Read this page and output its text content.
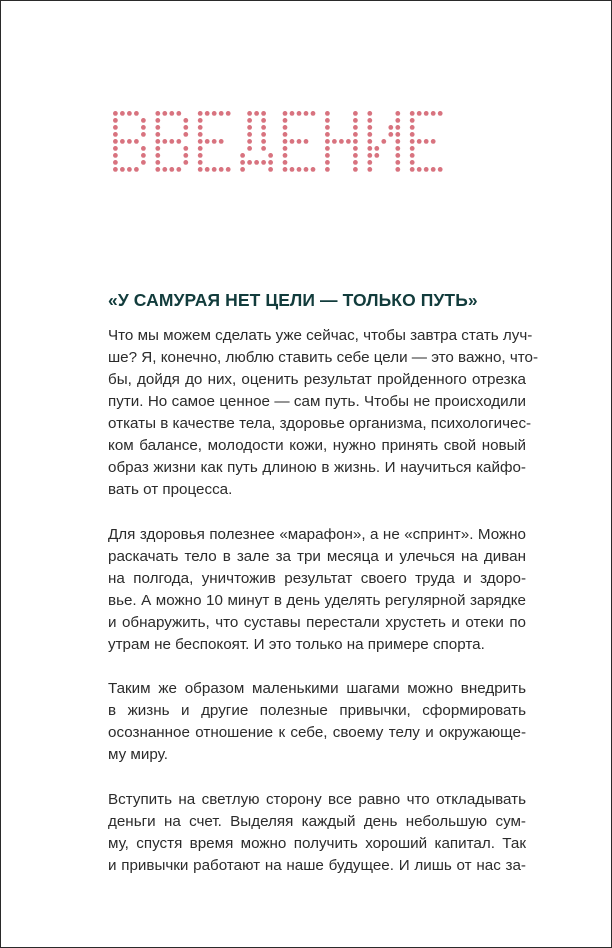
«У САМУРАЯ НЕТ ЦЕЛИ — ТОЛЬКО ПУТЬ»

Что мы можем сделать уже сейчас, чтобы завтра стать луч-
ше? Я, конечно, люблю ставить себе цели — это важно, что-
бы, дойдя до них, оценить результат пройденного отрезка
пути. Но самое ценное — сам путь. Чтобы не происходили
откаты в качестве тела, здоровье организма, психологичес-
ком балансе, молодости кожи, нужно принять свой новый
образ жизни как путь длиною в жизнь. И научиться кайфо-
вать от процесса.

Для здоровья полезнее «марафон», а не «спринт». Можно
раскачать тело в зале за три месяца и улечься на диван
на полгода, уничтожив результат своего труда и здоро-
вье. А можно 10 минут в день уделять регулярной зарядке
и обнаружить, что суставы перестали хрустеть и отеки по
утрам не беспокоят. И это только на примере спорта.

Таким же образом маленькими шагами можно внедрить
в жизнь и другие полезные привычки, сформировать
осознанное отношение к себе, своему телу и окружающе-
му миру.

Вступить на светлую сторону все равно что откладывать
деньги на счет. Выделяя каждый день небольшую сум-
му, спустя время можно получить хороший капитал. Так
и привычки работают на наше будущее. И лишь от нас за-
